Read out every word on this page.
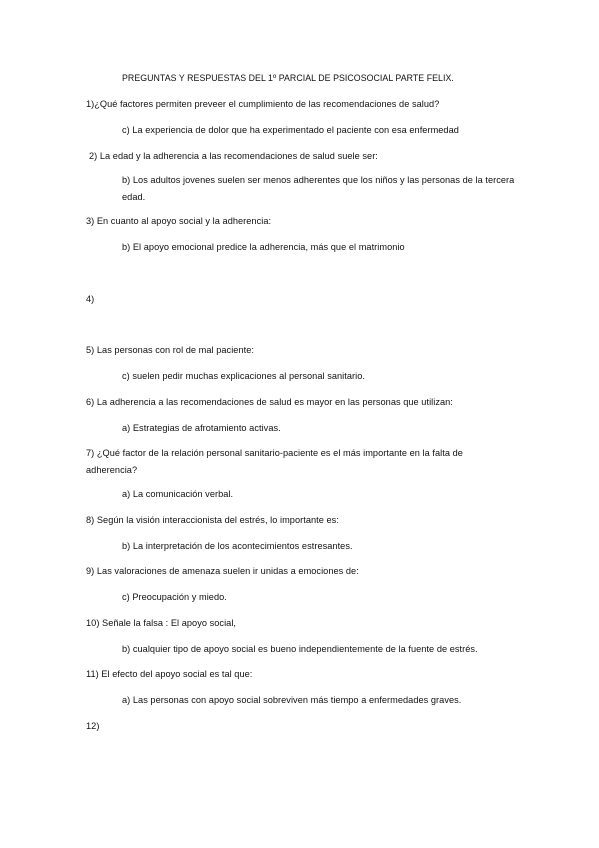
PREGUNTAS Y RESPUESTAS DEL 1º PARCIAL DE PSICOSOCIAL PARTE FELIX.
1)¿Qué factores permiten preveer el cumplimiento de las recomendaciones de salud?
c) La experiencia de dolor que ha experimentado el paciente con esa enfermedad
2) La edad y la adherencia a las recomendaciones de salud suele ser:
b) Los adultos jovenes suelen ser menos adherentes que los niños y las personas de la tercera edad.
3) En cuanto al apoyo social y la adherencia:
b) El apoyo emocional predice la adherencia, más que el matrimonio
4)
5) Las personas con rol de mal paciente:
c) suelen pedir muchas explicaciones al personal sanitario.
6) La adherencia a las recomendaciones de salud es mayor en las personas que utilizan:
a) Estrategias de afrotamiento activas.
7) ¿Qué factor de la relación personal sanitario-paciente es el más importante en la falta de adherencia?
a) La comunicación verbal.
8) Según la visión interaccionista del estrés, lo importante es:
b) La interpretación de los acontecimientos estresantes.
9) Las valoraciones de amenaza suelen ir unidas a emociones de:
c) Preocupación y miedo.
10) Señale la falsa : El apoyo social,
b) cualquier tipo de apoyo social es bueno independientemente de la fuente de estrés.
11) El efecto del apoyo social es tal que:
a) Las personas con apoyo social sobreviven más tiempo a enfermedades graves.
12)
